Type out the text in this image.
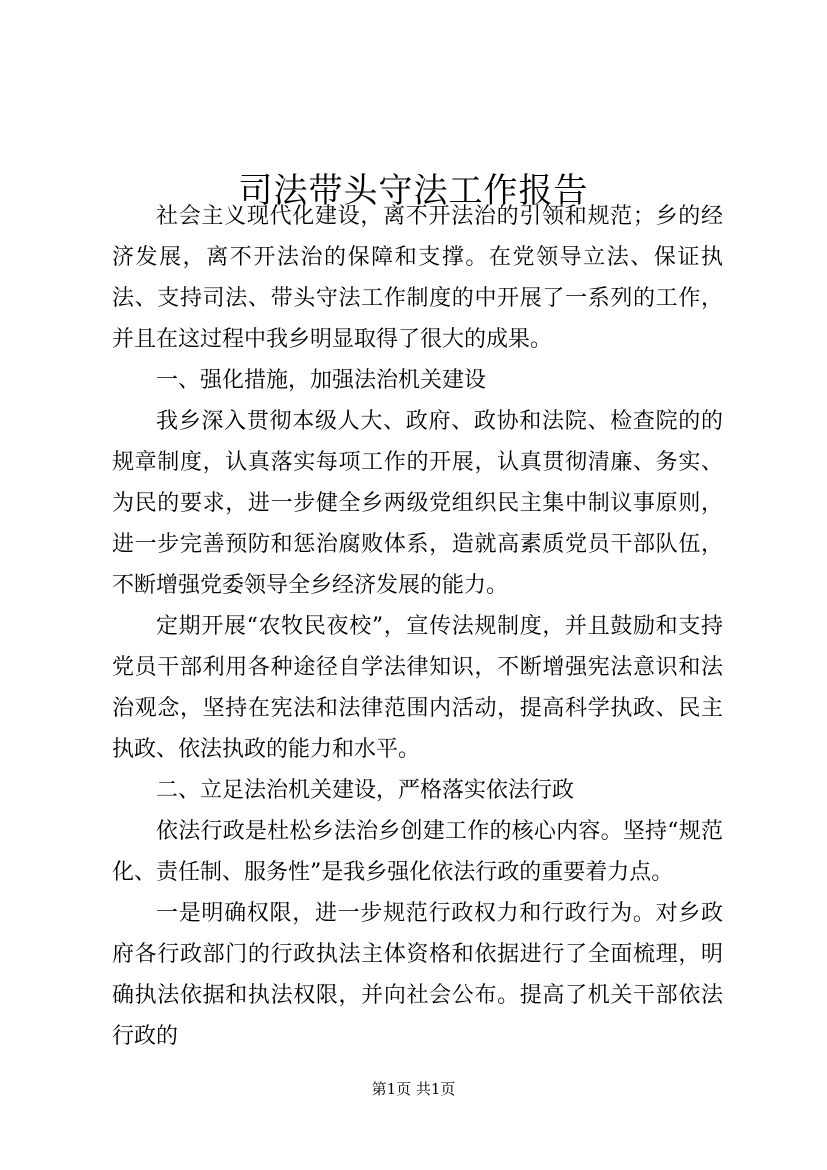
司法带头守法工作报告

社会主义现代化建设，离不开法治的引领和规范；乡的经济发展，离不开法治的保障和支撑。在党领导立法、保证执法、支持司法、带头守法工作制度的中开展了一系列的工作，并且在这过程中我乡明显取得了很大的成果。

一、强化措施，加强法治机关建设

我乡深入贯彻本级人大、政府、政协和法院、检查院的的规章制度，认真落实每项工作的开展，认真贯彻清廉、务实、为民的要求，进一步健全乡两级党组织民主集中制议事原则，进一步完善预防和惩治腐败体系，造就高素质党员干部队伍，不断增强党委领导全乡经济发展的能力。

定期开展“农牧民夜校”，宣传法规制度，并且鼓励和支持党员干部利用各种途径自学法律知识，不断增强宪法意识和法治观念，坚持在宪法和法律范围内活动，提高科学执政、民主执政、依法执政的能力和水平。

二、立足法治机关建设，严格落实依法行政

依法行政是杜松乡法治乡创建工作的核心内容。坚持“规范化、责任制、服务性”是我乡强化依法行政的重要着力点。

一是明确权限，进一步规范行政权力和行政行为。对乡政府各行政部门的行政执法主体资格和依据进行了全面梳理，明确执法依据和执法权限，并向社会公布。提高了机关干部依法行政的

第1页 共1页
